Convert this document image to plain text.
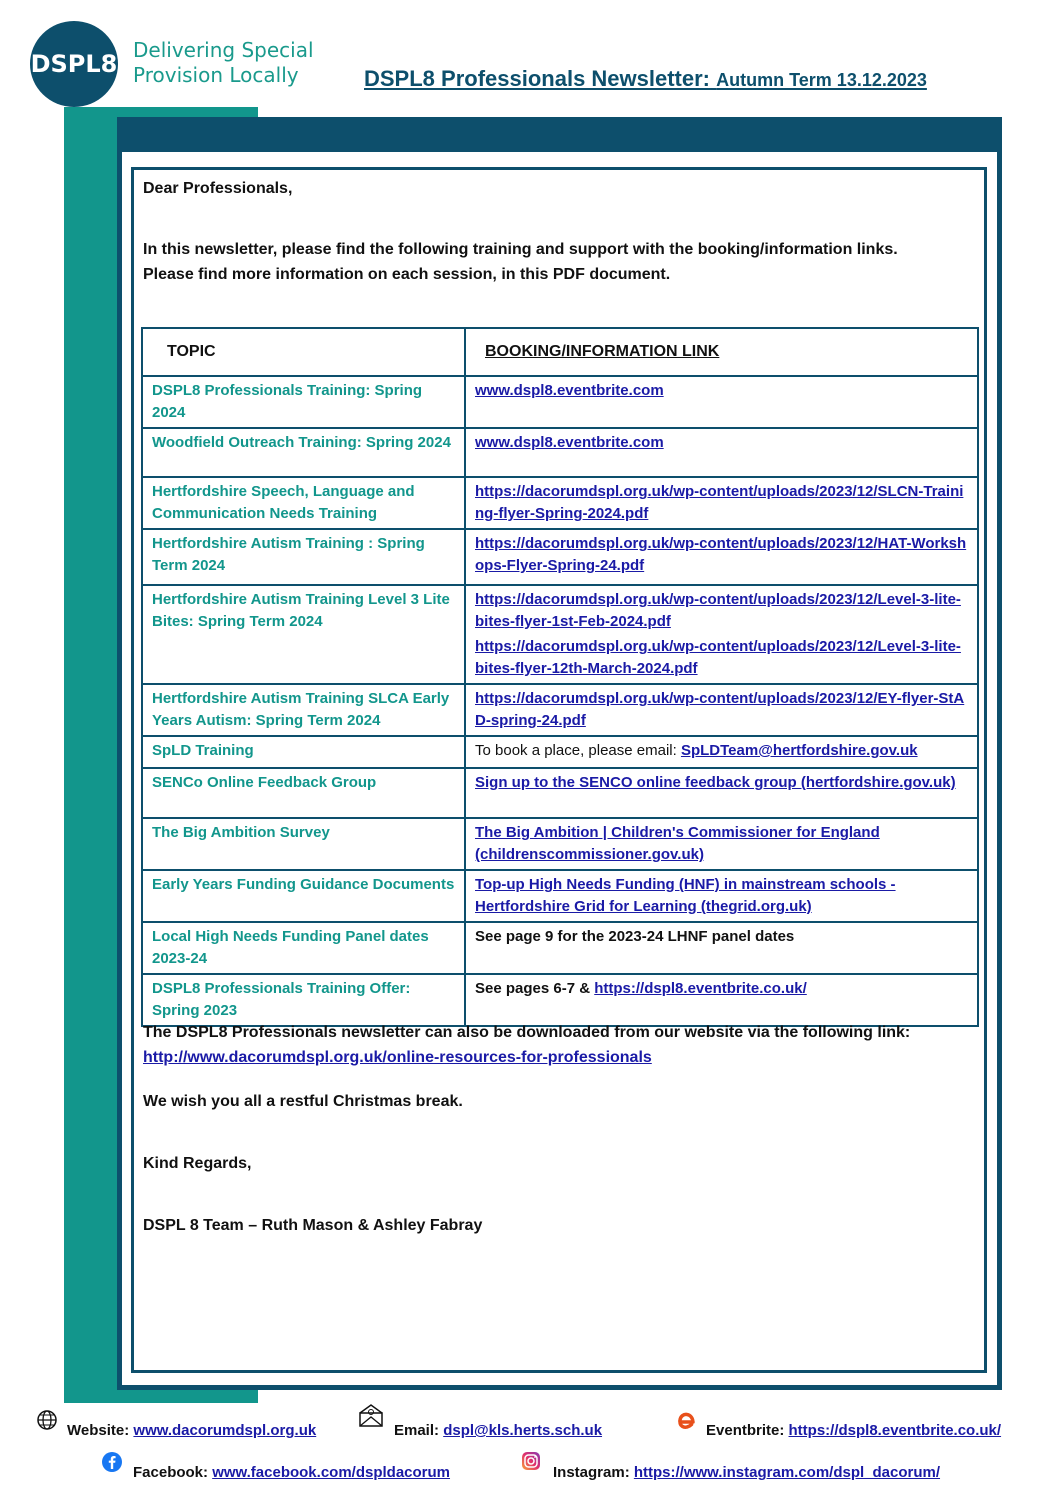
DSPL8 Delivering Special
Provision Locally	DSPL8 Professionals Newsletter: Autumn Term 13.12.2023
Dear Professionals,
In this newsletter, please find the following training and support with the booking/information links.
Please find more information on each session, in this PDF document.
TOPIC	BOOKING/INFORMATION LINK
DSPL8 Professionals Training: Spring 2024	www.dspl8.eventbrite.com
Woodfield Outreach Training: Spring 2024	www.dspl8.eventbrite.com
Hertfordshire Speech, Language and Communication Needs Training	https://dacorumdspl.org.uk/wp-content/uploads/2023/12/SLCN-Training-flyer-Spring-2024.pdf
Hertfordshire Autism Training : Spring Term 2024	https://dacorumdspl.org.uk/wp-content/uploads/2023/12/HAT-Workshops-Flyer-Spring-24.pdf
Hertfordshire Autism Training Level 3 Lite Bites: Spring Term 2024	https://dacorumdspl.org.uk/wp-content/uploads/2023/12/Level-3-lite-bites-flyer-1st-Feb-2024.pdf
https://dacorumdspl.org.uk/wp-content/uploads/2023/12/Level-3-lite-bites-flyer-12th-March-2024.pdf

Hertfordshire Autism Training SLCA Early Years Autism: Spring Term 2024	https://dacorumdspl.org.uk/wp-content/uploads/2023/12/EY-flyer-StAD-spring-24.pdf
SpLD Training	To book a place, please email: SpLDTeam@hertfordshire.gov.uk
SENCo Online Feedback Group	Sign up to the SENCO online feedback group (hertfordshire.gov.uk)
The Big Ambition Survey	The Big Ambition | Children's Commissioner for England (childrenscommissioner.gov.uk)
Early Years Funding Guidance Documents	Top-up High Needs Funding (HNF) in mainstream schools - Hertfordshire Grid for Learning (thegrid.org.uk)
Local High Needs Funding Panel dates 2023-24	See page 9 for the 2023-24 LHNF panel dates
DSPL8 Professionals Training Offer: Spring 2023	See pages 6-7 & https://dspl8.eventbrite.co.uk/
The DSPL8 Professionals newsletter can also be downloaded from our website via the following link:
http://www.dacorumdspl.org.uk/online-resources-for-professionals
We wish you all a restful Christmas break.
Kind Regards,
DSPL 8 Team – Ruth Mason & Ashley Fabray
Website: www.dacorumdspl.org.uk	Email: dspl@kls.herts.sch.uk	Eventbrite: https://dspl8.eventbrite.co.uk/
Facebook: www.facebook.com/dspldacorum	Instagram: https://www.instagram.com/dspl_dacorum/
